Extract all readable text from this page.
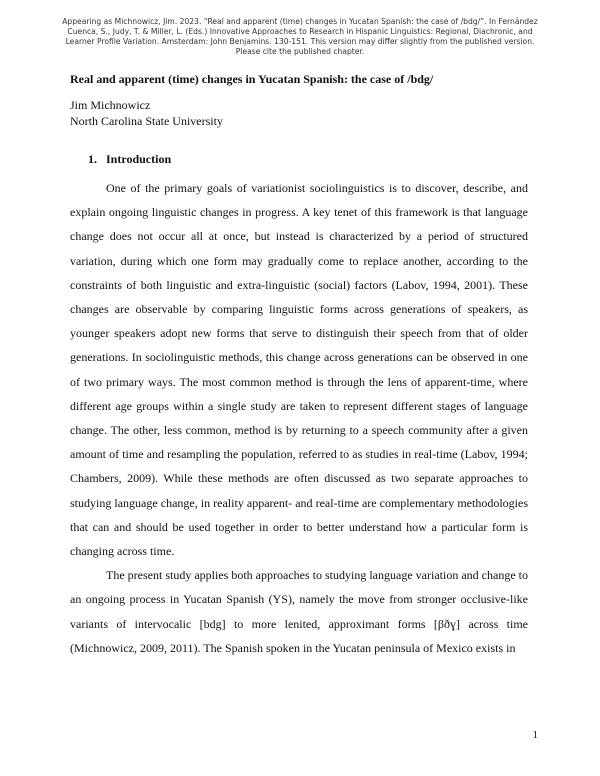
Appearing as Michnowicz, Jim. 2023. “Real and apparent (time) changes in Yucatan Spanish: the case of /bdg/”. In Fernández Cuenca, S., Judy, T. & Miller, L. (Eds.) Innovative Approaches to Research in Hispanic Linguistics: Regional, Diachronic, and Learner Profile Variation. Amsterdam: John Benjamins. 130-151. This version may differ slightly from the published version. Please cite the published chapter.

Real and apparent (time) changes in Yucatan Spanish: the case of /bdg/
Jim Michnowicz
North Carolina State University
1. Introduction

One of the primary goals of variationist sociolinguistics is to discover, describe, and explain ongoing linguistic changes in progress. A key tenet of this framework is that language change does not occur all at once, but instead is characterized by a period of structured variation, during which one form may gradually come to replace another, according to the constraints of both linguistic and extra-linguistic (social) factors (Labov, 1994, 2001). These changes are observable by comparing linguistic forms across generations of speakers, as younger speakers adopt new forms that serve to distinguish their speech from that of older generations. In sociolinguistic methods, this change across generations can be observed in one of two primary ways. The most common method is through the lens of apparent-time, where different age groups within a single study are taken to represent different stages of language change. The other, less common, method is by returning to a speech community after a given amount of time and resampling the population, referred to as studies in real-time (Labov, 1994; Chambers, 2009). While these methods are often discussed as two separate approaches to studying language change, in reality apparent- and real-time are complementary methodologies that can and should be used together in order to better understand how a particular form is changing across time.

The present study applies both approaches to studying language variation and change to an ongoing process in Yucatan Spanish (YS), namely the move from stronger occlusive-like variants of intervocalic [bdg] to more lenited, approximant forms [βðɣ] across time (Michnowicz, 2009, 2011). The Spanish spoken in the Yucatan peninsula of Mexico exists in

1
